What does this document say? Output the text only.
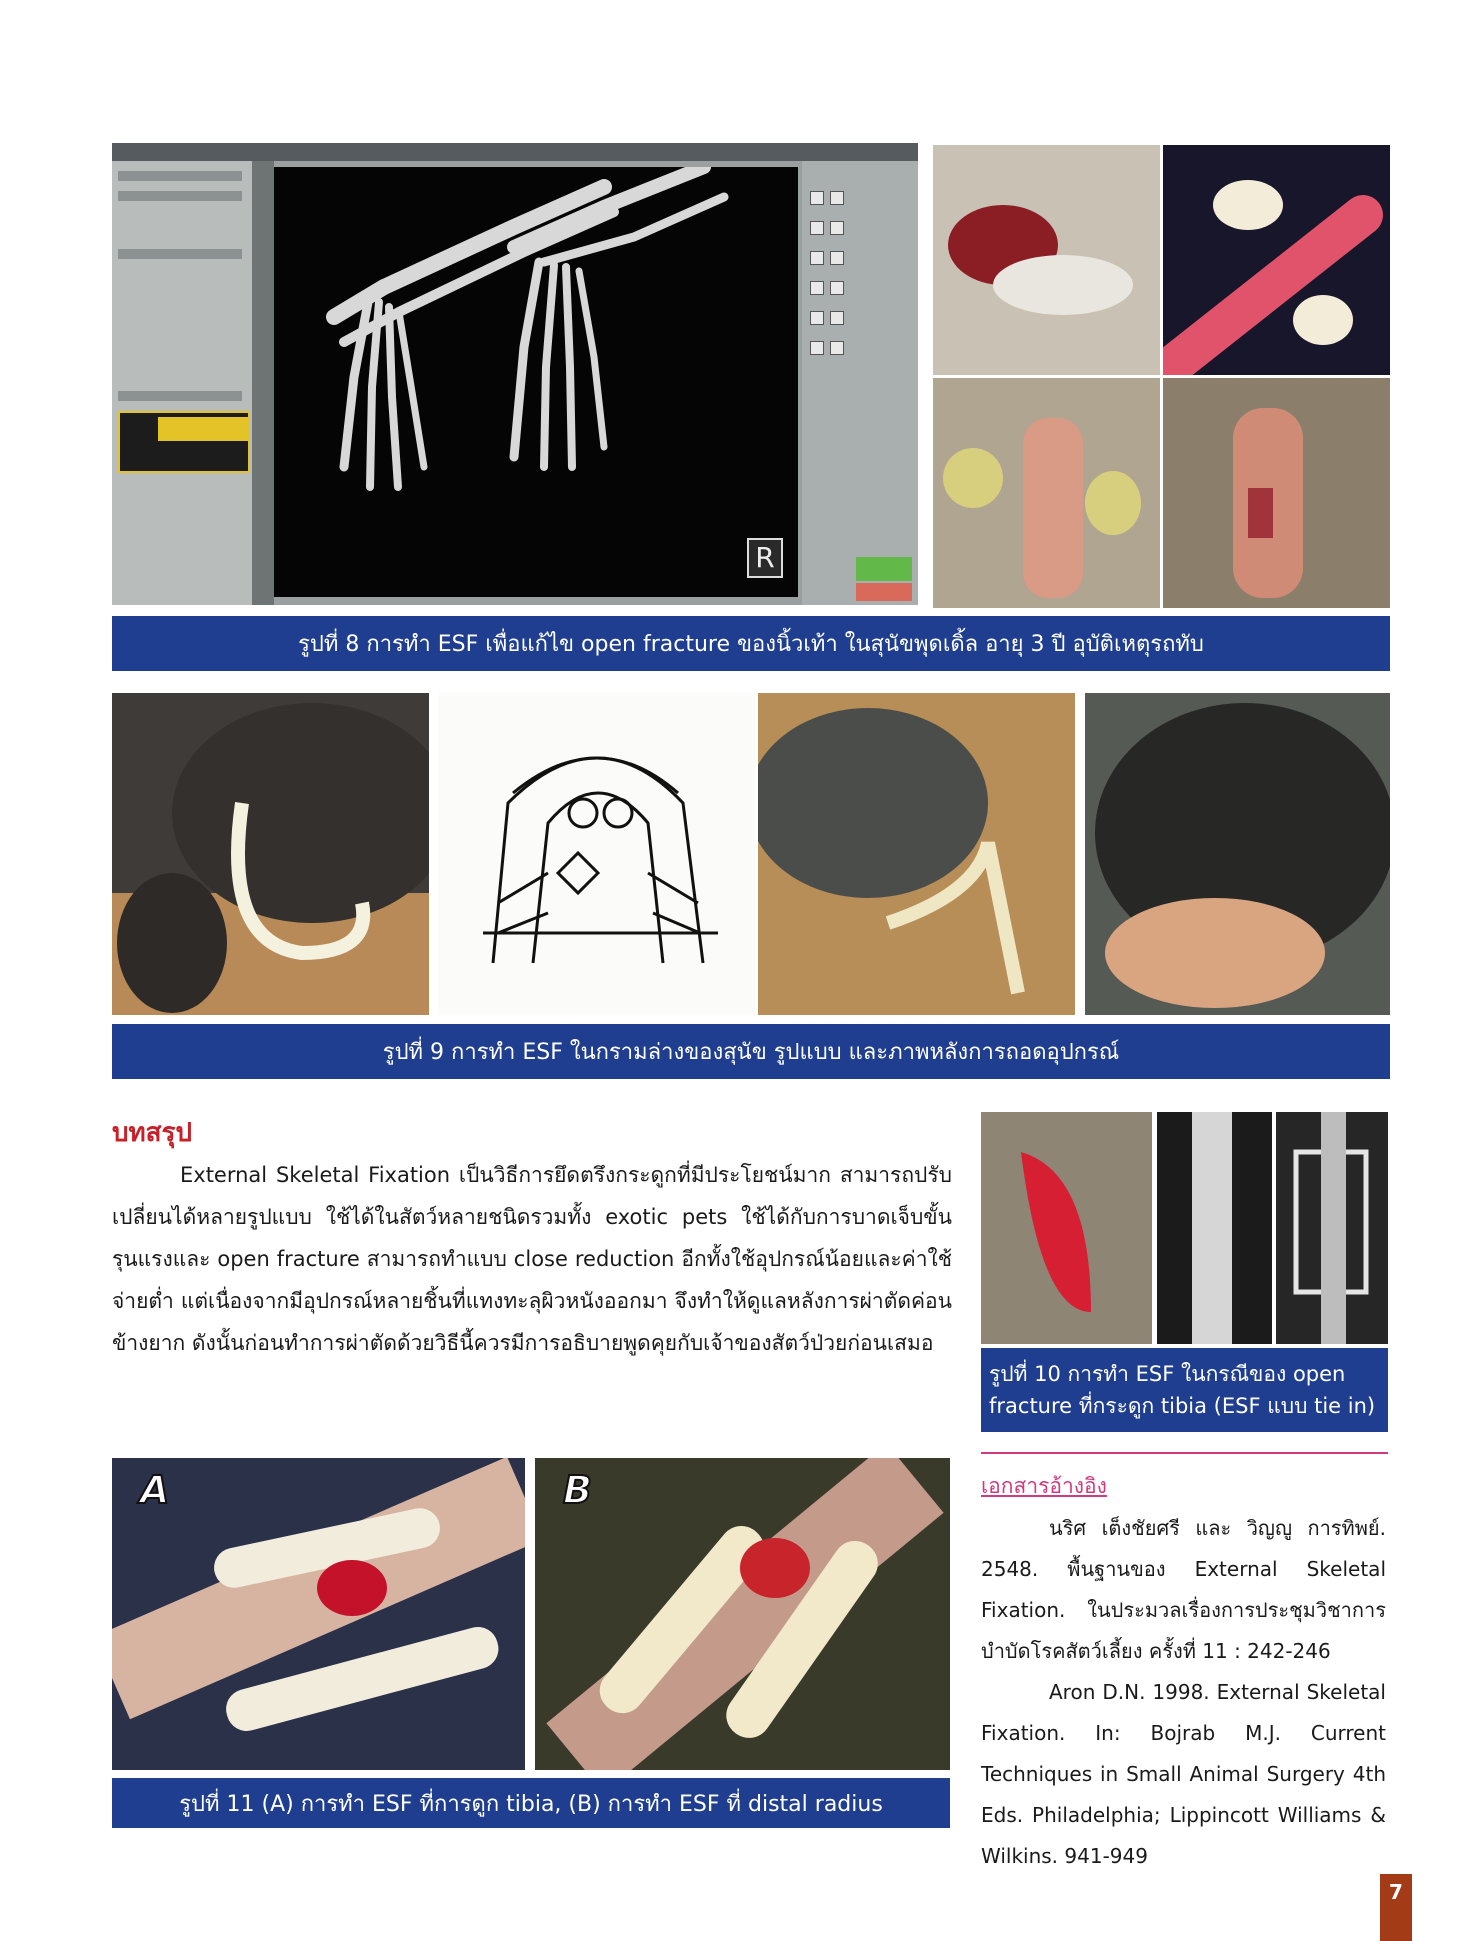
R
รูปที่ 8 การทำ ESF เพื่อแก้ไข open fracture ของนิ้วเท้า ในสุนัขพุดเดิ้ล อายุ 3 ปี อุบัติเหตุรถทับ
รูปที่ 9 การทำ ESF ในกรามล่างของสุนัข รูปแบบ และภาพหลังการถอดอุปกรณ์
บทสรุป
External Skeletal Fixation เป็นวิธีการยึดตรึงกระดูกที่มีประโยชน์มาก สามารถปรับเปลี่ยนได้หลายรูปแบบ ใช้ได้ในสัตว์หลายชนิดรวมทั้ง exotic pets ใช้ได้กับการบาดเจ็บขั้นรุนแรงและ open fracture สามารถทำแบบ close reduction อีกทั้งใช้อุปกรณ์น้อยและค่าใช้จ่ายต่ำ แต่เนื่องจากมีอุปกรณ์หลายชิ้นที่แทงทะลุผิวหนังออกมา จึงทำให้ดูแลหลังการผ่าตัดค่อนข้างยาก ดังนั้นก่อนทำการผ่าตัดด้วยวิธีนี้ควรมีการอธิบายพูดคุยกับเจ้าของสัตว์ป่วยก่อนเสมอ
รูปที่ 10 การทำ ESF ในกรณีของ open
fracture ที่กระดูก tibia (ESF แบบ tie in)
เอกสารอ้างอิง
นริศ เต็งชัยศรี และ วิญญู การทิพย์. 2548. พื้นฐานของ External Skeletal Fixation. ในประมวลเรื่องการประชุมวิชาการบำบัดโรคสัตว์เลี้ยง ครั้งที่ 11 : 242-246
Aron D.N. 1998. External Skeletal Fixation. In: Bojrab M.J. Current Techniques in Small Animal Surgery 4th Eds. Philadelphia; Lippincott Williams & Wilkins. 941-949
A	B
รูปที่ 11 (A) การทำ ESF ที่การดูก tibia, (B) การทำ ESF ที่ distal radius
7
